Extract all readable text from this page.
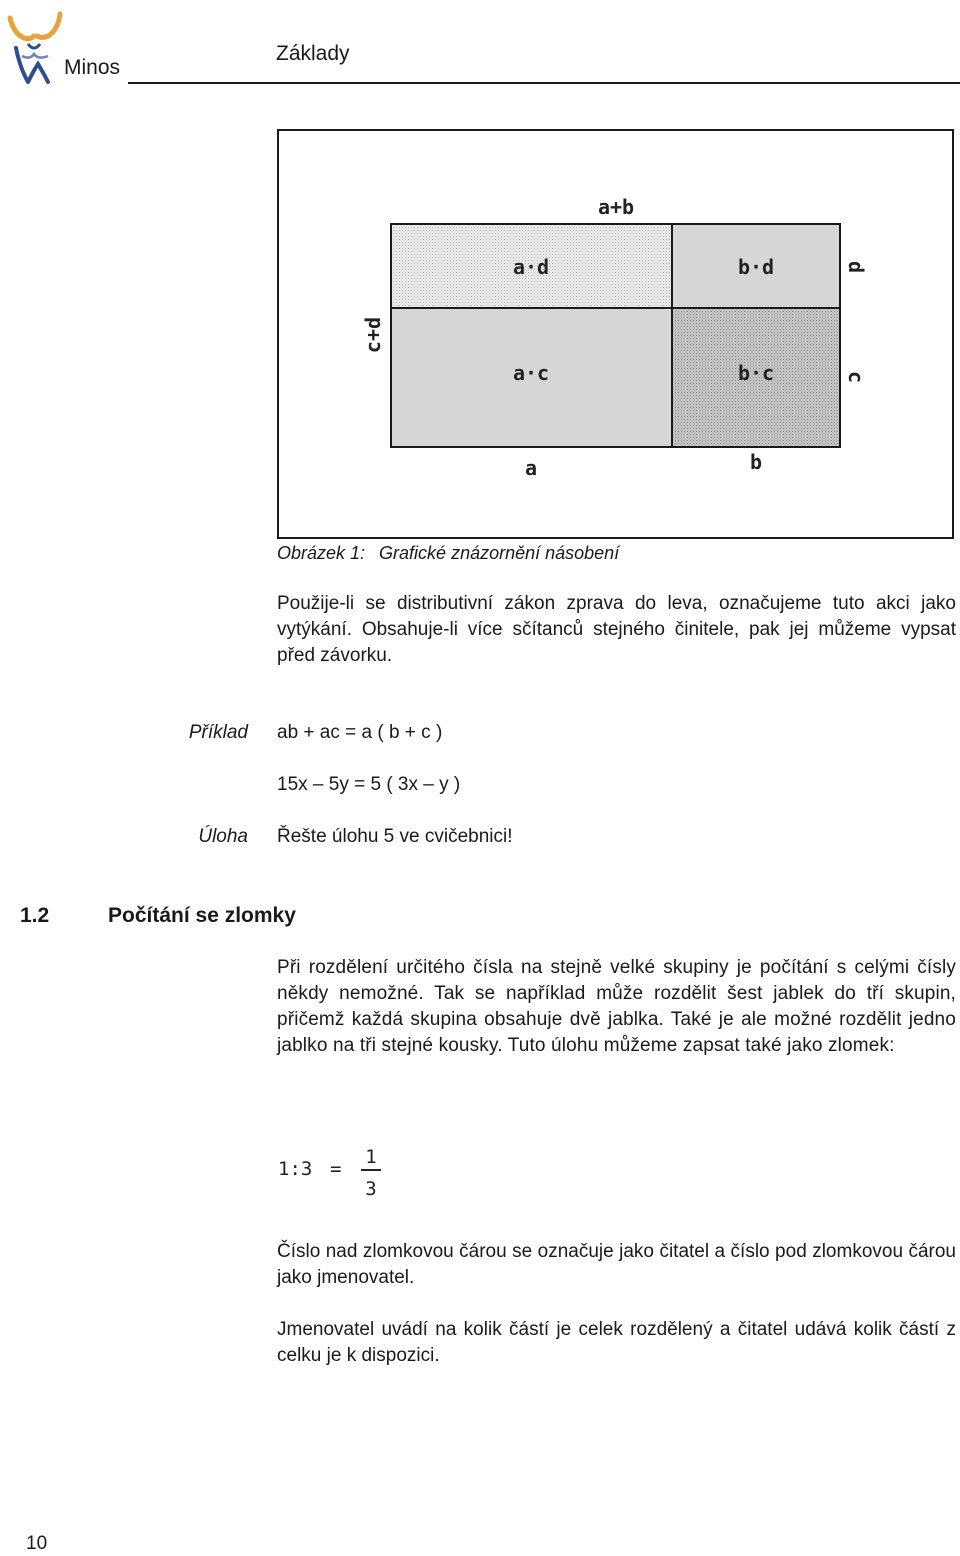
Minos
Základy
a+b
a·d	b·d
a·c	b·c
a	b
d
c
c+d
Obrázek 1: Grafické znázornění násobení
Použije-li se distributivní zákon zprava do leva, označujeme tuto akci jako vytýkání. Obsahuje-li více sčítanců stejného činitele, pak jej můžeme vypsat před závorku.
Příklad ab + ac = a ( b + c )
15x – 5y = 5 ( 3x – y )
Úloha Řešte úlohu 5 ve cvičebnici!
1.2	Počítání se zlomky
Při rozdělení určitého čísla na stejně velké skupiny je počítání s celými čísly někdy nemožné. Tak se například může rozdělit šest jablek do tří skupin, přičemž každá skupina obsahuje dvě jablka. Také je ale možné rozdělit jedno jablko na tři stejné kousky. Tuto úlohu můžeme zapsat také jako zlomek:
1:3 =
1
3
Číslo nad zlomkovou čárou se označuje jako čitatel a číslo pod zlomkovou čárou jako jmenovatel.
Jmenovatel uvádí na kolik částí je celek rozdělený a čitatel udává kolik částí z celku je k dispozici.
10
